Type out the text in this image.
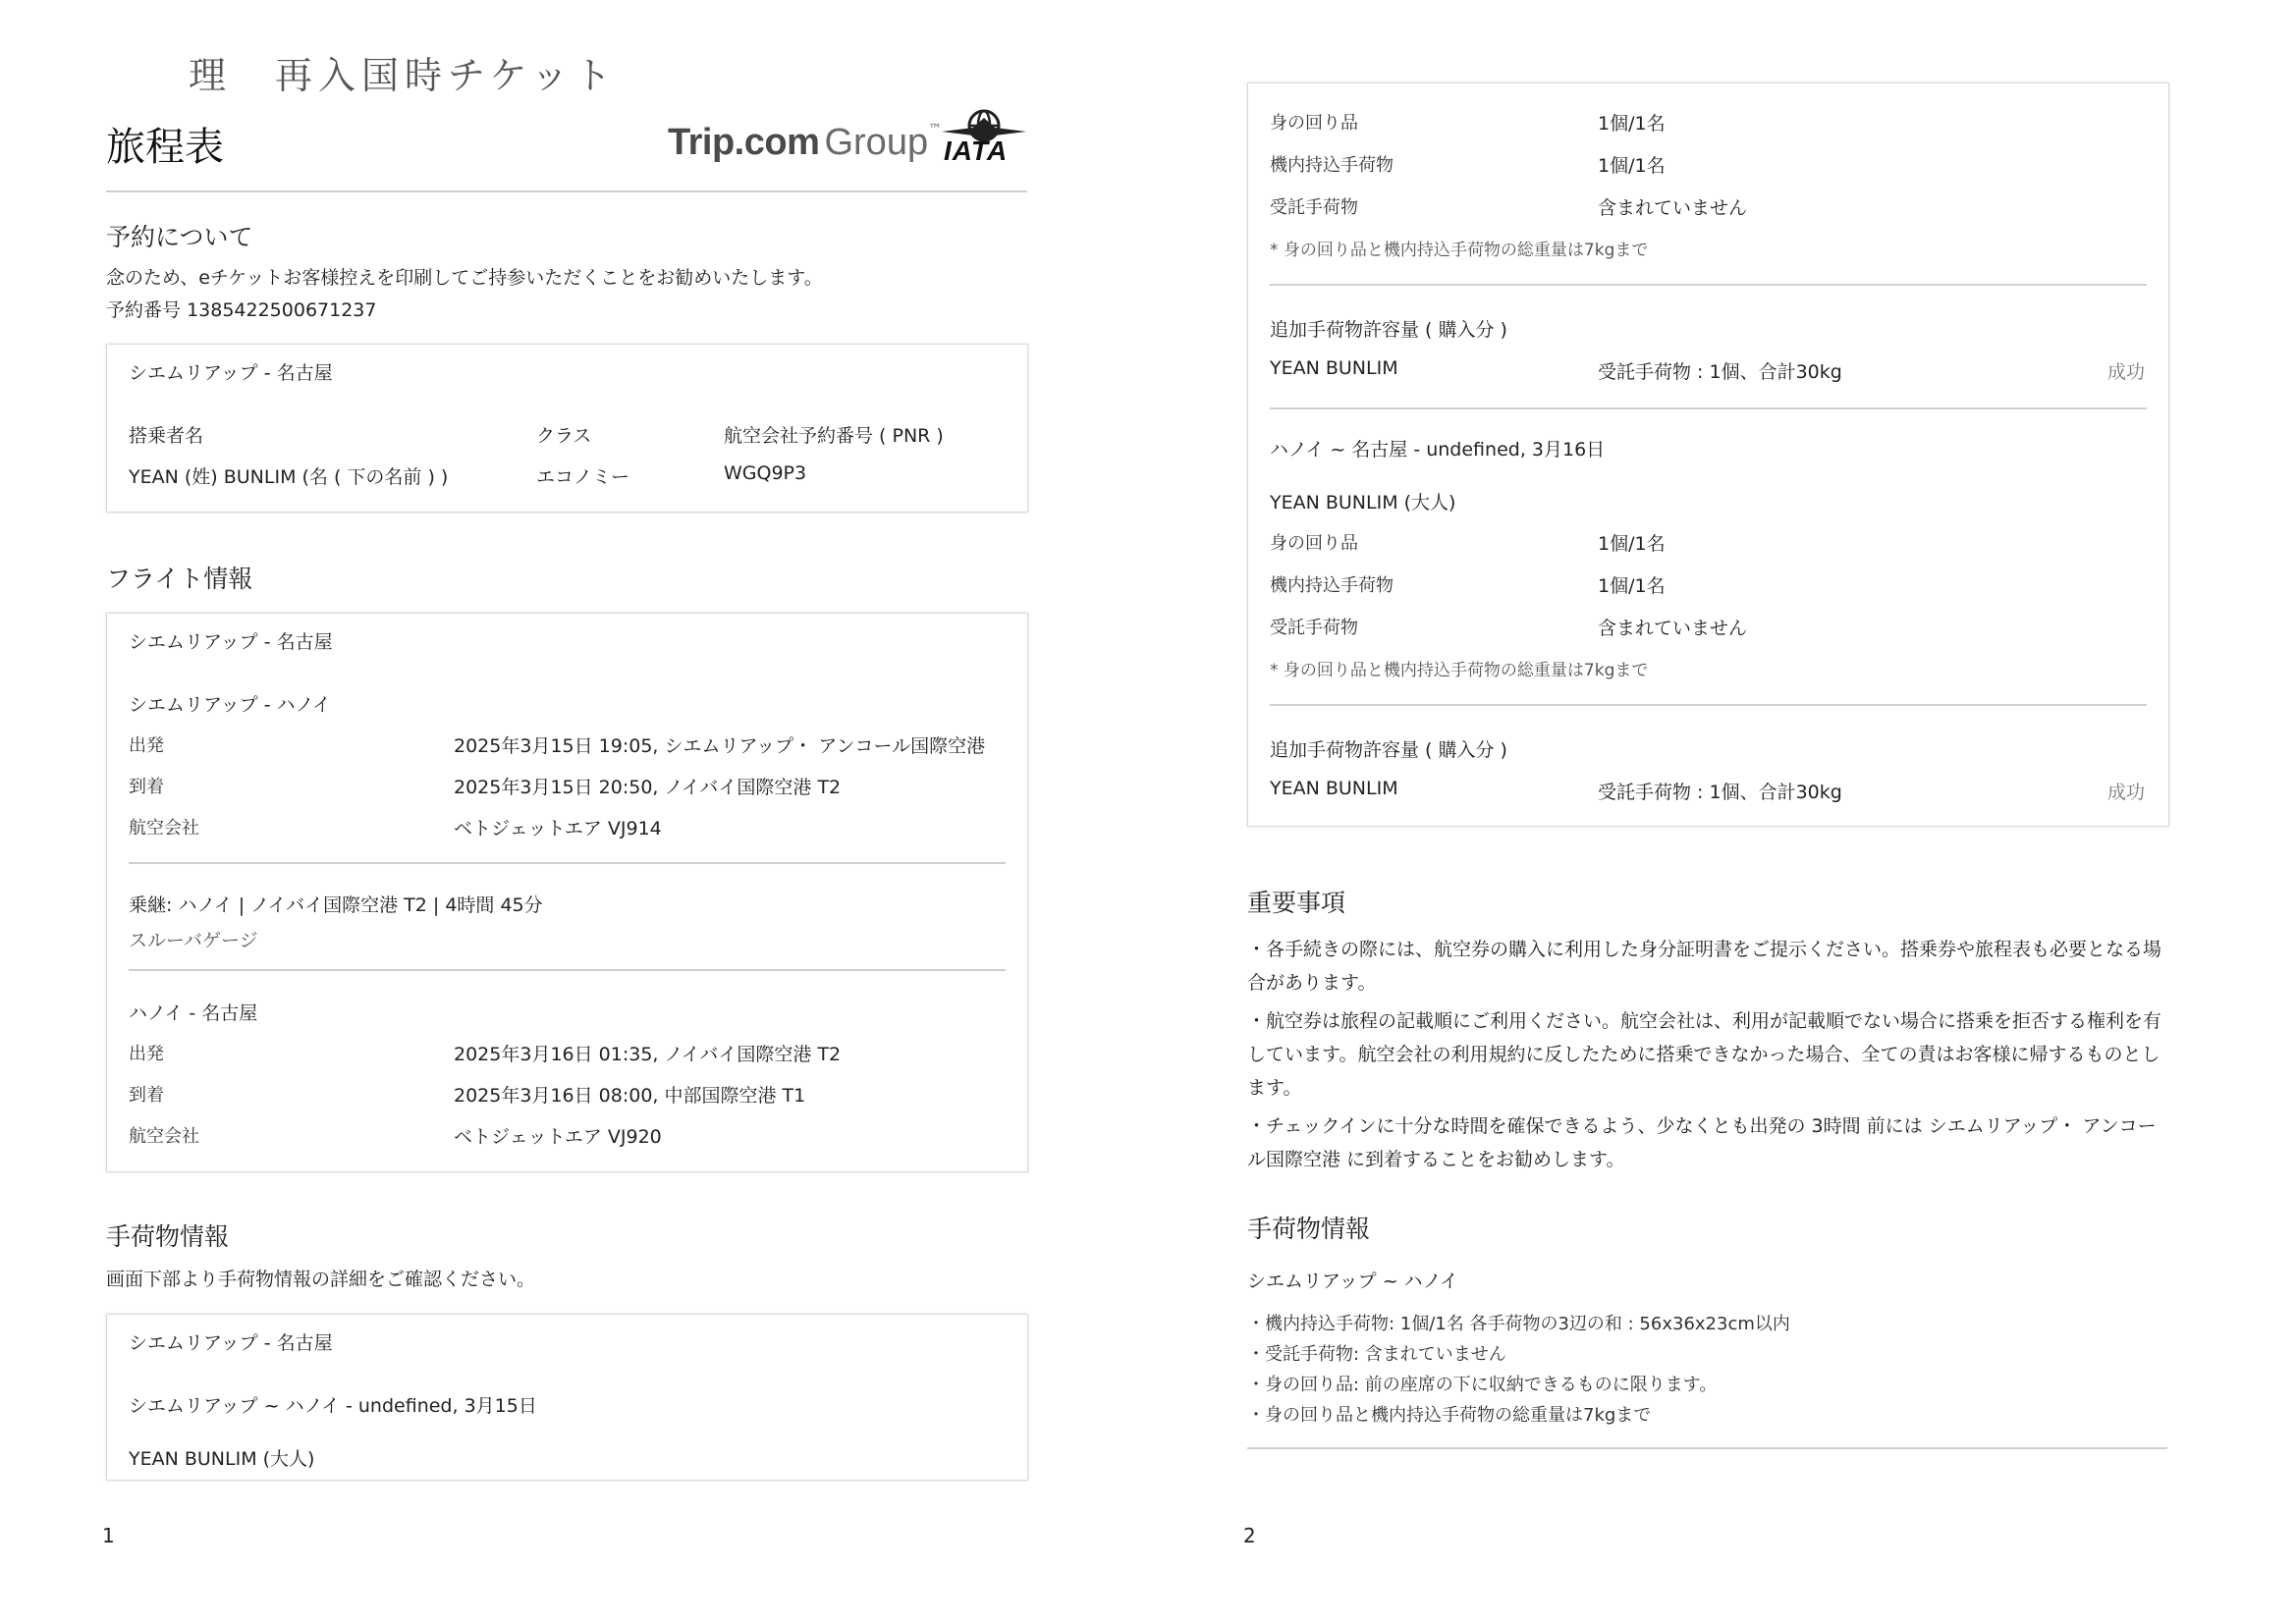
理　再入国時チケット
旅程表	Trip.com Group™
IATA
予約について
念のため、eチケットお客様控えを印刷してご持参いただくことをお勧めいたします。
予約番号 1385422500671237
シエムリアップ - 名古屋
搭乗者名	クラス	航空会社予約番号 ( PNR )
YEAN (姓) BUNLIM (名 ( 下の名前 ) )	エコノミー	WGQ9P3
フライト情報
シエムリアップ - 名古屋
シエムリアップ - ハノイ
出発	2025年3月15日 19:05, シエムリアップ・ アンコール国際空港
到着	2025年3月15日 20:50, ノイバイ国際空港 T2
航空会社	ベトジェットエア VJ914
乗継: ハノイ | ノイバイ国際空港 T2 | 4時間 45分
スルーバゲージ
ハノイ - 名古屋
出発	2025年3月16日 01:35, ノイバイ国際空港 T2
到着	2025年3月16日 08:00, 中部国際空港 T1
航空会社	ベトジェットエア VJ920
手荷物情報
画面下部より手荷物情報の詳細をご確認ください。
シエムリアップ - 名古屋
シエムリアップ ~ ハノイ - undefined, 3月15日
YEAN BUNLIM (大人)
1
身の回り品	1個/1名
機内持込手荷物	1個/1名
受託手荷物	含まれていません
* 身の回り品と機内持込手荷物の総重量は7kgまで
追加手荷物許容量 ( 購入分 )
YEAN BUNLIM	受託手荷物 : 1個、合計30kg	成功
ハノイ ~ 名古屋 - undefined, 3月16日
YEAN BUNLIM (大人)
身の回り品	1個/1名
機内持込手荷物	1個/1名
受託手荷物	含まれていません
* 身の回り品と機内持込手荷物の総重量は7kgまで
追加手荷物許容量 ( 購入分 )
YEAN BUNLIM	受託手荷物 : 1個、合計30kg	成功
重要事項
・各手続きの際には、航空券の購入に利用した身分証明書をご提示ください。搭乗券や旅程表も必要となる場合があります。
・航空券は旅程の記載順にご利用ください。航空会社は、利用が記載順でない場合に搭乗を拒否する権利を有しています。航空会社の利用規約に反したために搭乗できなかった場合、全ての責はお客様に帰するものとします。
・チェックインに十分な時間を確保できるよう、少なくとも出発の 3時間 前には シエムリアップ・ アンコール国際空港 に到着することをお勧めします。
手荷物情報
シエムリアップ ~ ハノイ
・機内持込手荷物: 1個/1名 各手荷物の3辺の和 : 56x36x23cm以内
・受託手荷物: 含まれていません
・身の回り品: 前の座席の下に収納できるものに限ります。
・身の回り品と機内持込手荷物の総重量は7kgまで
2
